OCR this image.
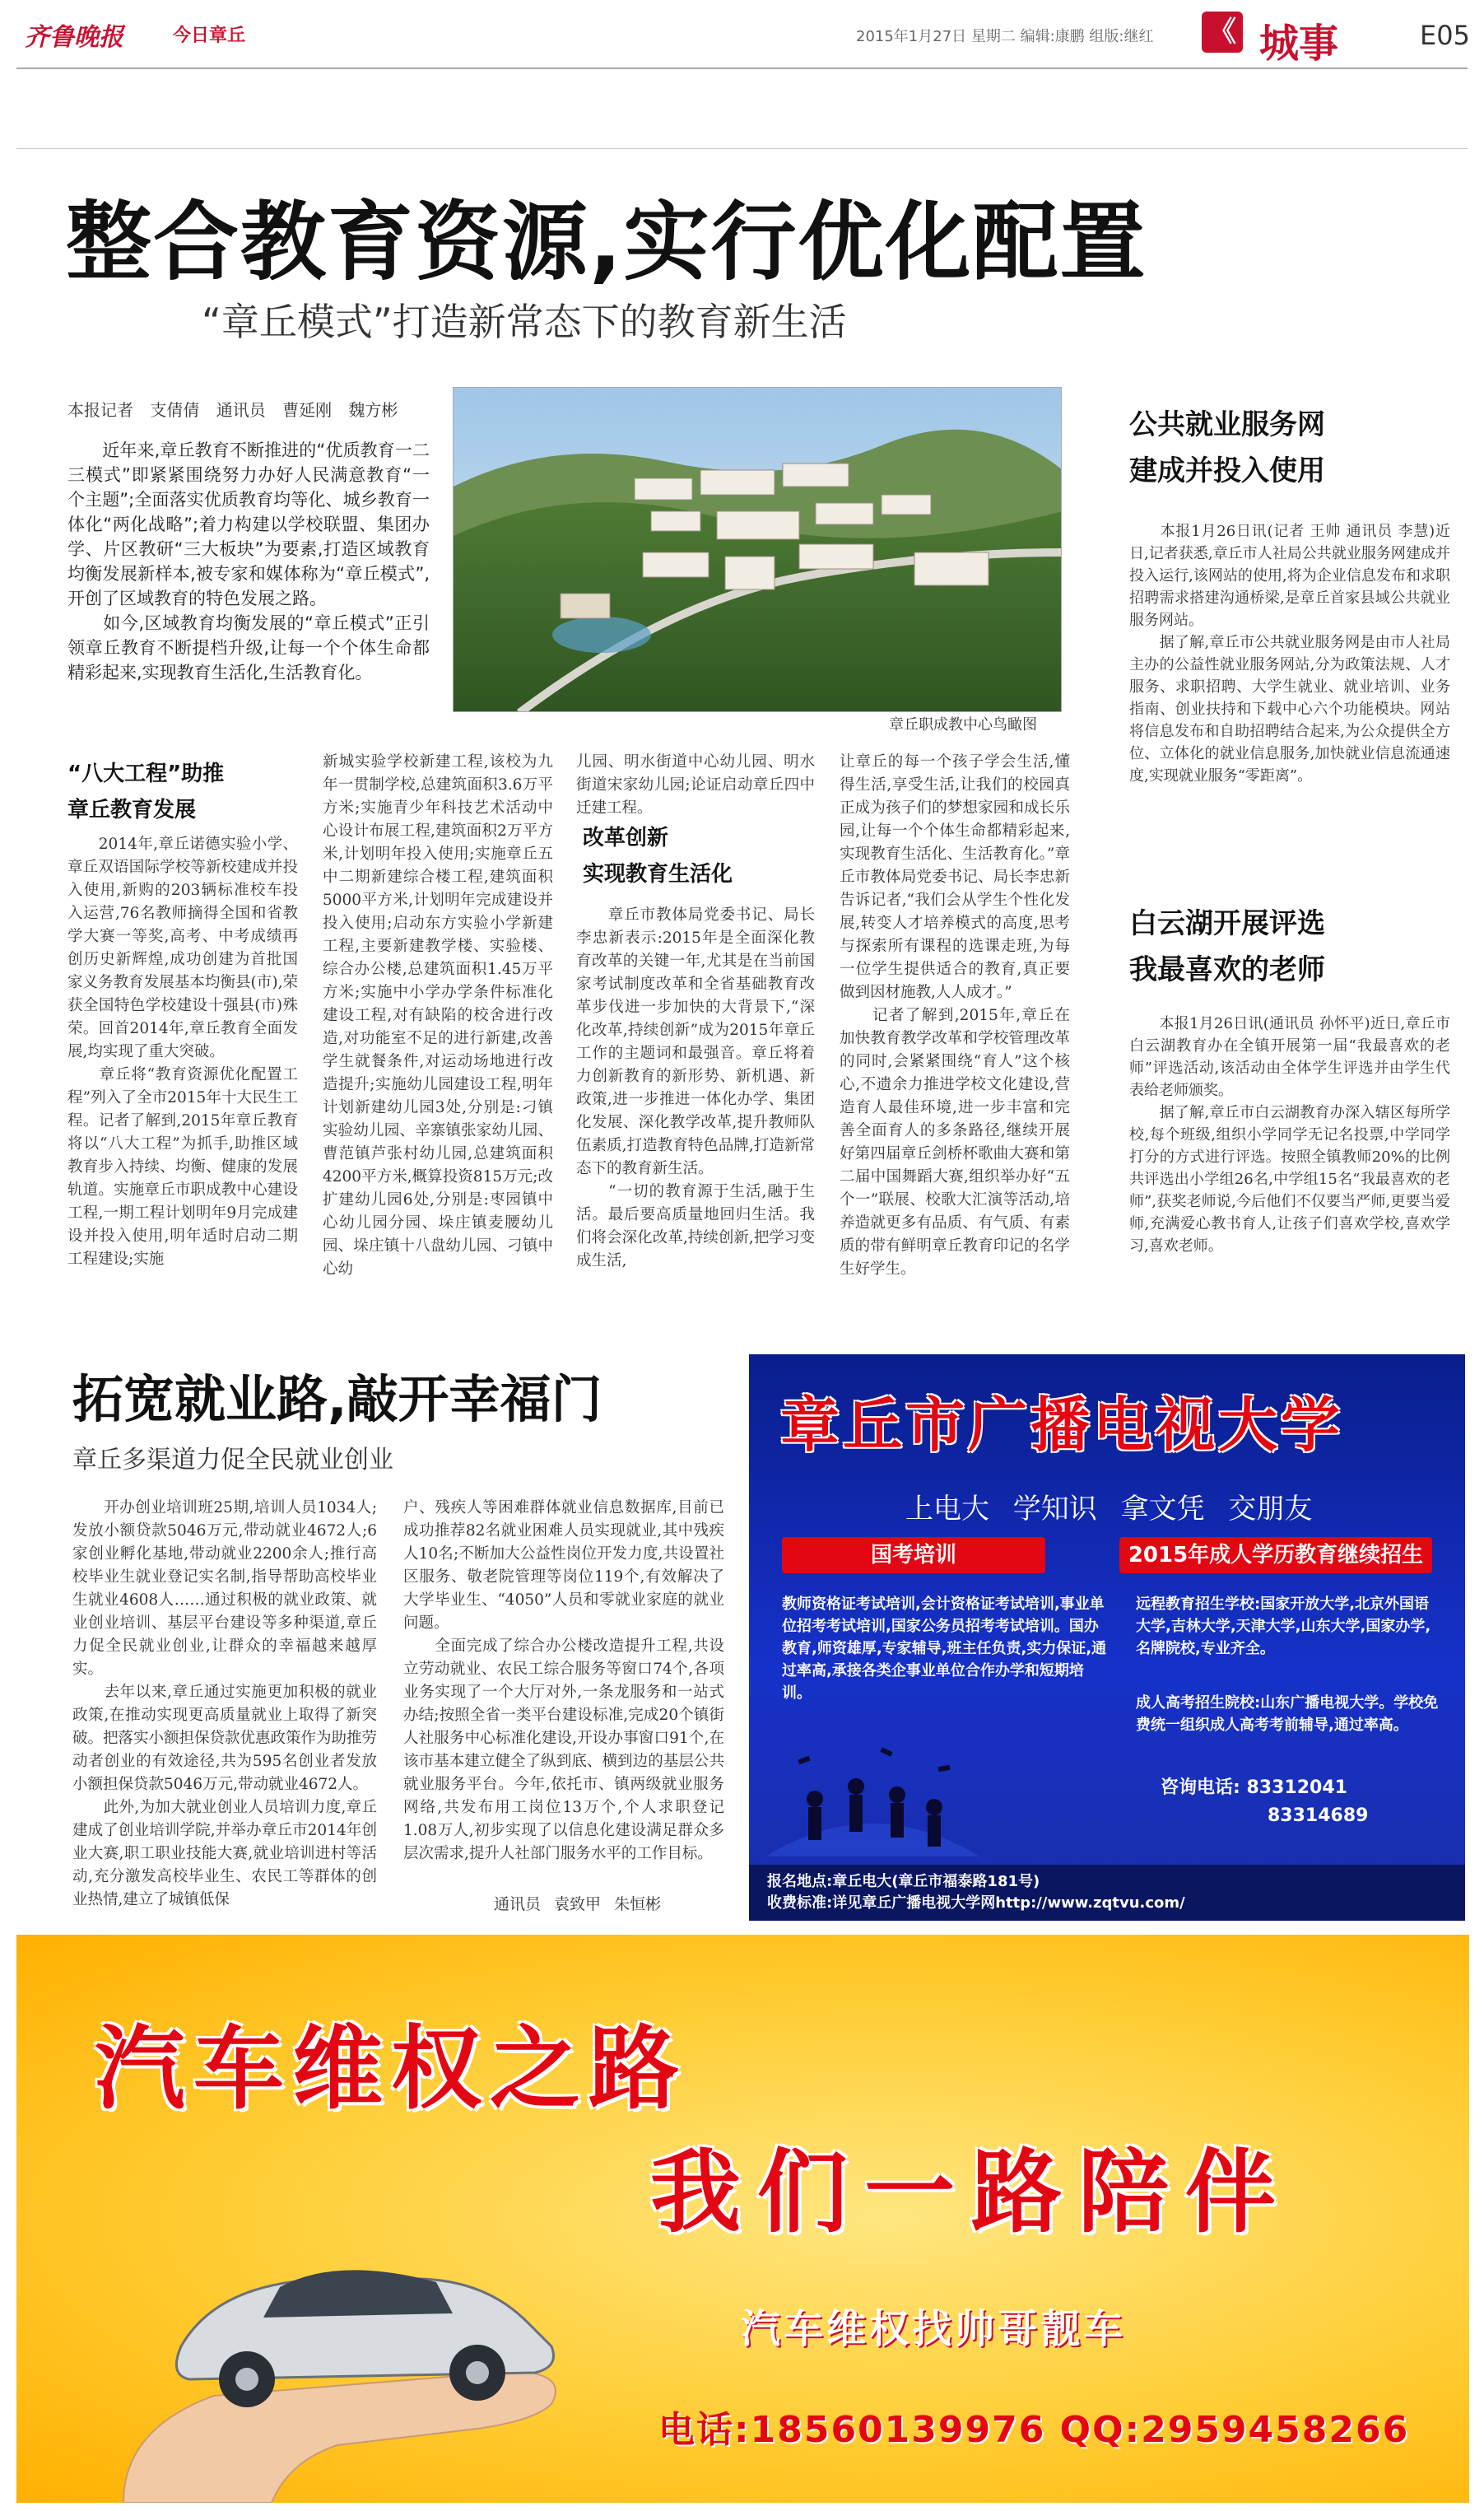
齐鲁晚报	今日章丘	2015年1月27日 星期二 编辑:康鹏 组版:继红 《 城事	E05
整合教育资源,实行优化配置
“章丘模式”打造新常态下的教育新生活
本报记者 支倩倩 通讯员 曹延刚 魏方彬
　　近年来,章丘教育不断推进的“优质教育一二三模式”即紧紧围绕努力办好人民满意教育“一个主题”;全面落实优质教育均等化、城乡教育一体化“两化战略”;着力构建以学校联盟、集团办学、片区教研“三大板块”为要素,打造区域教育均衡发展新样本,被专家和媒体称为“章丘模式”,开创了区域教育的特色发展之路。
　　如今,区域教育均衡发展的“章丘模式”正引领章丘教育不断提档升级,让每一个个体生命都精彩起来,实现教育生活化,生活教育化。
章丘职成教中心鸟瞰图
“八大工程”助推
章丘教育发展
　　2014年,章丘诺德实验小学、章丘双语国际学校等新校建成并投入使用,新购的203辆标准校车投入运营,76名教师摘得全国和省教学大赛一等奖,高考、中考成绩再创历史新辉煌,成功创建为首批国家义务教育发展基本均衡县(市),荣获全国特色学校建设十强县(市)殊荣。回首2014年,章丘教育全面发展,均实现了重大突破。
　　章丘将“教育资源优化配置工程”列入了全市2015年十大民生工程。记者了解到,2015年章丘教育将以“八大工程”为抓手,助推区域教育步入持续、均衡、健康的发展轨道。实施章丘市职成教中心建设工程,一期工程计划明年9月完成建设并投入使用,明年适时启动二期工程建设;实施
新城实验学校新建工程,该校为九年一贯制学校,总建筑面积3.6万平方米;实施青少年科技艺术活动中心设计布展工程,建筑面积2万平方米,计划明年投入使用;实施章丘五中二期新建综合楼工程,建筑面积5000平方米,计划明年完成建设并投入使用;启动东方实验小学新建工程,主要新建教学楼、实验楼、综合办公楼,总建筑面积1.45万平方米;实施中小学办学条件标准化建设工程,对有缺陷的校舍进行改造,对功能室不足的进行新建,改善学生就餐条件,对运动场地进行改造提升;实施幼儿园建设工程,明年计划新建幼儿园3处,分别是:刁镇实验幼儿园、辛寨镇张家幼儿园、曹范镇芦张村幼儿园,总建筑面积4200平方米,概算投资815万元;改扩建幼儿园6处,分别是:枣园镇中心幼儿园分园、垛庄镇麦腰幼儿园、垛庄镇十八盘幼儿园、刁镇中心幼
儿园、明水街道中心幼儿园、明水街道宋家幼儿园;论证启动章丘四中迁建工程。
改革创新
实现教育生活化
　　章丘市教体局党委书记、局长李忠新表示:2015年是全面深化教育改革的关键一年,尤其是在当前国家考试制度改革和全省基础教育改革步伐进一步加快的大背景下,“深化改革,持续创新”成为2015年章丘工作的主题词和最强音。章丘将着力创新教育的新形势、新机遇、新政策,进一步推进一体化办学、集团化发展、深化教学改革,提升教师队伍素质,打造教育特色品牌,打造新常态下的教育新生活。
　　“一切的教育源于生活,融于生活。最后要高质量地回归生活。我们将会深化改革,持续创新,把学习变成生活,
让章丘的每一个孩子学会生活,懂得生活,享受生活,让我们的校园真正成为孩子们的梦想家园和成长乐园,让每一个个体生命都精彩起来,实现教育生活化、生活教育化。”章丘市教体局党委书记、局长李忠新告诉记者,“我们会从学生个性化发展,转变人才培养模式的高度,思考与探索所有课程的选课走班,为每一位学生提供适合的教育,真正要做到因材施教,人人成才。”
　　记者了解到,2015年,章丘在加快教育教学改革和学校管理改革的同时,会紧紧围绕“育人”这个核心,不遗余力推进学校文化建设,营造育人最佳环境,进一步丰富和完善全面育人的多条路径,继续开展好第四届章丘剑桥杯歌曲大赛和第二届中国舞蹈大赛,组织举办好“五个一”联展、校歌大汇演等活动,培养造就更多有品质、有气质、有素质的带有鲜明章丘教育印记的名学生好学生。
公共就业服务网
建成并投入使用
　　本报1月26日讯(记者 王帅 通讯员 李慧)近日,记者获悉,章丘市人社局公共就业服务网建成并投入运行,该网站的使用,将为企业信息发布和求职招聘需求搭建沟通桥梁,是章丘首家县域公共就业服务网站。
　　据了解,章丘市公共就业服务网是由市人社局主办的公益性就业服务网站,分为政策法规、人才服务、求职招聘、大学生就业、就业培训、业务指南、创业扶持和下载中心六个功能模块。网站将信息发布和自助招聘结合起来,为公众提供全方位、立体化的就业信息服务,加快就业信息流通速度,实现就业服务“零距离”。
白云湖开展评选
我最喜欢的老师
　　本报1月26日讯(通讯员 孙怀平)近日,章丘市白云湖教育办在全镇开展第一届“我最喜欢的老师”评选活动,该活动由全体学生评选并由学生代表给老师颁奖。
　　据了解,章丘市白云湖教育办深入辖区每所学校,每个班级,组织小学同学无记名投票,中学同学打分的方式进行评选。按照全镇教师20%的比例共评选出小学组26名,中学组15名“我最喜欢的老师”,获奖老师说,今后他们不仅要当严师,更要当爱师,充满爱心教书育人,让孩子们喜欢学校,喜欢学习,喜欢老师。
拓宽就业路,敲开幸福门
章丘多渠道力促全民就业创业
　　开办创业培训班25期,培训人员1034人;发放小额贷款5046万元,带动就业4672人;6家创业孵化基地,带动就业2200余人;推行高校毕业生就业登记实名制,指导帮助高校毕业生就业4608人……通过积极的就业政策、就业创业培训、基层平台建设等多种渠道,章丘力促全民就业创业,让群众的幸福越来越厚实。
　　去年以来,章丘通过实施更加积极的就业政策,在推动实现更高质量就业上取得了新突破。把落实小额担保贷款优惠政策作为助推劳动者创业的有效途径,共为595名创业者发放小额担保贷款5046万元,带动就业4672人。
　　此外,为加大就业创业人员培训力度,章丘建成了创业培训学院,并举办章丘市2014年创业大赛,职工职业技能大赛,就业培训进村等活动,充分激发高校毕业生、农民工等群体的创业热情,建立了城镇低保
户、残疾人等困难群体就业信息数据库,目前已成功推荐82名就业困难人员实现就业,其中残疾人10名;不断加大公益性岗位开发力度,共设置社区服务、敬老院管理等岗位119个,有效解决了大学毕业生、“4050”人员和零就业家庭的就业问题。
　　全面完成了综合办公楼改造提升工程,共设立劳动就业、农民工综合服务等窗口74个,各项业务实现了一个大厅对外,一条龙服务和一站式办结;按照全省一类平台建设标准,完成20个镇街人社服务中心标准化建设,开设办事窗口91个,在该市基本建立健全了纵到底、横到边的基层公共就业服务平台。今年,依托市、镇两级就业服务网络,共发布用工岗位13万个,个人求职登记1.08万人,初步实现了以信息化建设满足群众多层次需求,提升人社部门服务水平的工作目标。
通讯员 袁致甲 朱恒彬
章丘市广播电视大学
上电大 学知识 拿文凭 交朋友
国考培训	2015年成人学历教育继续招生
教师资格证考试培训,会计资格证考试培训,事业单位招考考试培训,国家公务员招考考试培训。国办教育,师资雄厚,专家辅导,班主任负责,实力保证,通过率高,承接各类企事业单位合作办学和短期培训。
远程教育招生学校:国家开放大学,北京外国语大学,吉林大学,天津大学,山东大学,国家办学,名牌院校,专业齐全。
成人高考招生院校:山东广播电视大学。学校免费统一组织成人高考考前辅导,通过率高。
咨询电话: 83312041
83314689
报名地点:章丘电大(章丘市福泰路181号)
收费标准:详见章丘广播电视大学网http://www.zqtvu.com/
汽车维权之路
我们一路陪伴
汽车维权找帅哥靓车
电话:18560139976 QQ:2959458266
